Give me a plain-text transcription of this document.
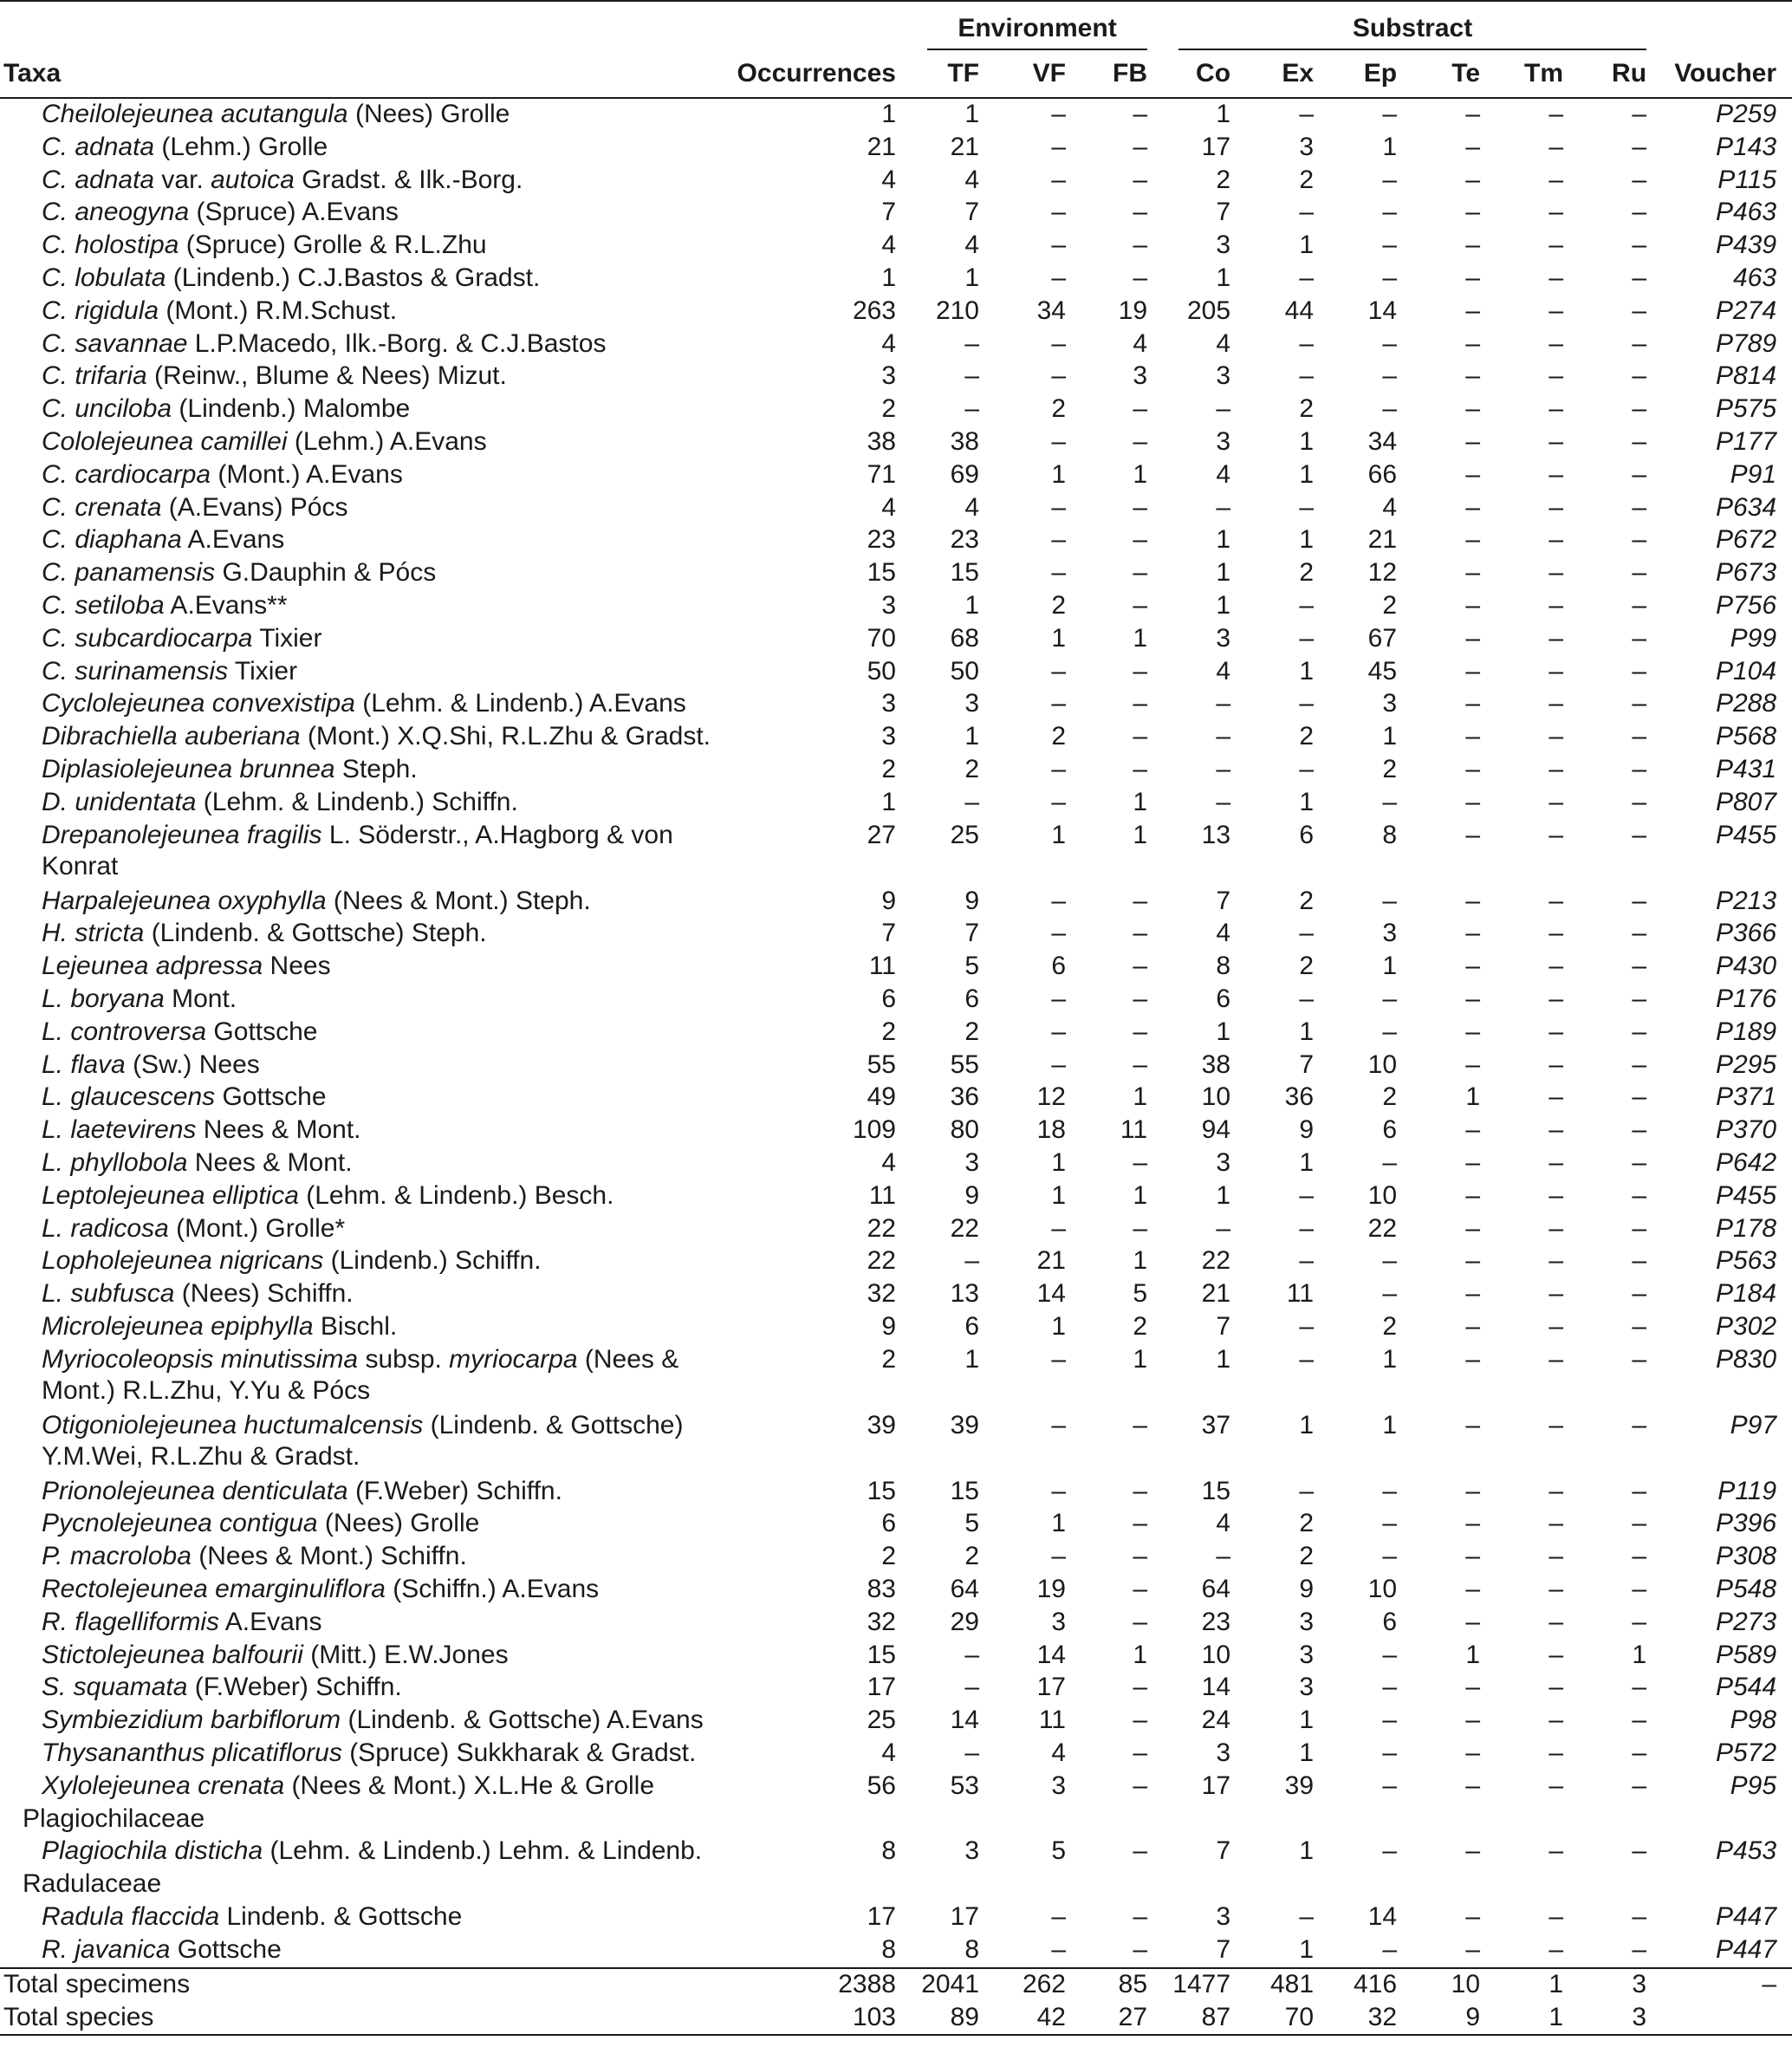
		Environment			Substract						

Taxa	Occurrences	TF	VF	FB	Co	Ex	Ep	Te	Tm	Ru	Voucher
Cheilolejeunea acutangula (Nees) Grolle	1	1	–	–	1	–	–	–	–	–	P259
C. adnata (Lehm.) Grolle	21	21	–	–	17	3	1	–	–	–	P143
C. adnata var. autoica Gradst. & Ilk.-Borg.	4	4	–	–	2	2	–	–	–	–	P115
C. aneogyna (Spruce) A.Evans	7	7	–	–	7	–	–	–	–	–	P463
C. holostipa (Spruce) Grolle & R.L.Zhu	4	4	–	–	3	1	–	–	–	–	P439
C. lobulata (Lindenb.) C.J.Bastos & Gradst.	1	1	–	–	1	–	–	–	–	–	463
C. rigidula (Mont.) R.M.Schust.	263	210	34	19	205	44	14	–	–	–	P274
C. savannae L.P.Macedo, Ilk.-Borg. & C.J.Bastos	4	–	–	4	4	–	–	–	–	–	P789
C. trifaria (Reinw., Blume & Nees) Mizut.	3	–	–	3	3	–	–	–	–	–	P814
C. unciloba (Lindenb.) Malombe	2	–	2	–	–	2	–	–	–	–	P575
Cololejeunea camillei (Lehm.) A.Evans	38	38	–	–	3	1	34	–	–	–	P177
C. cardiocarpa (Mont.) A.Evans	71	69	1	1	4	1	66	–	–	–	P91
C. crenata (A.Evans) Pócs	4	4	–	–	–	–	4	–	–	–	P634
C. diaphana A.Evans	23	23	–	–	1	1	21	–	–	–	P672
C. panamensis G.Dauphin & Pócs	15	15	–	–	1	2	12	–	–	–	P673
C. setiloba A.Evans**	3	1	2	–	1	–	2	–	–	–	P756
C. subcardiocarpa Tixier	70	68	1	1	3	–	67	–	–	–	P99
C. surinamensis Tixier	50	50	–	–	4	1	45	–	–	–	P104
Cyclolejeunea convexistipa (Lehm. & Lindenb.) A.Evans	3	3	–	–	–	–	3	–	–	–	P288
Dibrachiella auberiana (Mont.) X.Q.Shi, R.L.Zhu & Gradst.	3	1	2	–	–	2	1	–	–	–	P568
Diplasiolejeunea brunnea Steph.	2	2	–	–	–	–	2	–	–	–	P431
D. unidentata (Lehm. & Lindenb.) Schiffn.	1	–	–	1	–	1	–	–	–	–	P807
Drepanolejeunea fragilis L. Söderstr., A.Hagborg & von Konrat	27	25	1	1	13	6	8	–	–	–	P455
Harpalejeunea oxyphylla (Nees & Mont.) Steph.	9	9	–	–	7	2	–	–	–	–	P213
H. stricta (Lindenb. & Gottsche) Steph.	7	7	–	–	4	–	3	–	–	–	P366
Lejeunea adpressa Nees	11	5	6	–	8	2	1	–	–	–	P430
L. boryana Mont.	6	6	–	–	6	–	–	–	–	–	P176
L. controversa Gottsche	2	2	–	–	1	1	–	–	–	–	P189
L. flava (Sw.) Nees	55	55	–	–	38	7	10	–	–	–	P295
L. glaucescens Gottsche	49	36	12	1	10	36	2	1	–	–	P371
L. laetevirens Nees & Mont.	109	80	18	11	94	9	6	–	–	–	P370
L. phyllobola Nees & Mont.	4	3	1	–	3	1	–	–	–	–	P642
Leptolejeunea elliptica (Lehm. & Lindenb.) Besch.	11	9	1	1	1	–	10	–	–	–	P455
L. radicosa (Mont.) Grolle*	22	22	–	–	–	–	22	–	–	–	P178
Lopholejeunea nigricans (Lindenb.) Schiffn.	22	–	21	1	22	–	–	–	–	–	P563
L. subfusca (Nees) Schiffn.	32	13	14	5	21	11	–	–	–	–	P184
Microlejeunea epiphylla Bischl.	9	6	1	2	7	–	2	–	–	–	P302
Myriocoleopsis minutissima subsp. myriocarpa (Nees & Mont.) R.L.Zhu, Y.Yu & Pócs	2	1	–	1	1	–	1	–	–	–	P830
Otigoniolejeunea huctumalcensis (Lindenb. & Gottsche) Y.M.Wei, R.L.Zhu & Gradst.	39	39	–	–	37	1	1	–	–	–	P97
Prionolejeunea denticulata (F.Weber) Schiffn.	15	15	–	–	15	–	–	–	–	–	P119
Pycnolejeunea contigua (Nees) Grolle	6	5	1	–	4	2	–	–	–	–	P396
P. macroloba (Nees & Mont.) Schiffn.	2	2	–	–	–	2	–	–	–	–	P308
Rectolejeunea emarginuliflora (Schiffn.) A.Evans	83	64	19	–	64	9	10	–	–	–	P548
R. flagelliformis A.Evans	32	29	3	–	23	3	6	–	–	–	P273
Stictolejeunea balfourii (Mitt.) E.W.Jones	15	–	14	1	10	3	–	1	–	1	P589
S. squamata (F.Weber) Schiffn.	17	–	17	–	14	3	–	–	–	–	P544
Symbiezidium barbiflorum (Lindenb. & Gottsche) A.Evans	25	14	11	–	24	1	–	–	–	–	P98
Thysananthus plicatiflorus (Spruce) Sukkharak & Gradst.	4	–	4	–	3	1	–	–	–	–	P572
Xylolejeunea crenata (Nees & Mont.) X.L.He & Grolle	56	53	3	–	17	39	–	–	–	–	P95
Plagiochilaceae											
Plagiochila disticha (Lehm. & Lindenb.) Lehm. & Lindenb.	8	3	5	–	7	1	–	–	–	–	P453
Radulaceae											
Radula flaccida Lindenb. & Gottsche	17	17	–	–	3	–	14	–	–	–	P447
R. javanica Gottsche	8	8	–	–	7	1	–	–	–	–	P447
Total specimens	2388	2041	262	85	1477	481	416	10	1	3	–
Total species	103	89	42	27	87	70	32	9	1	3	
